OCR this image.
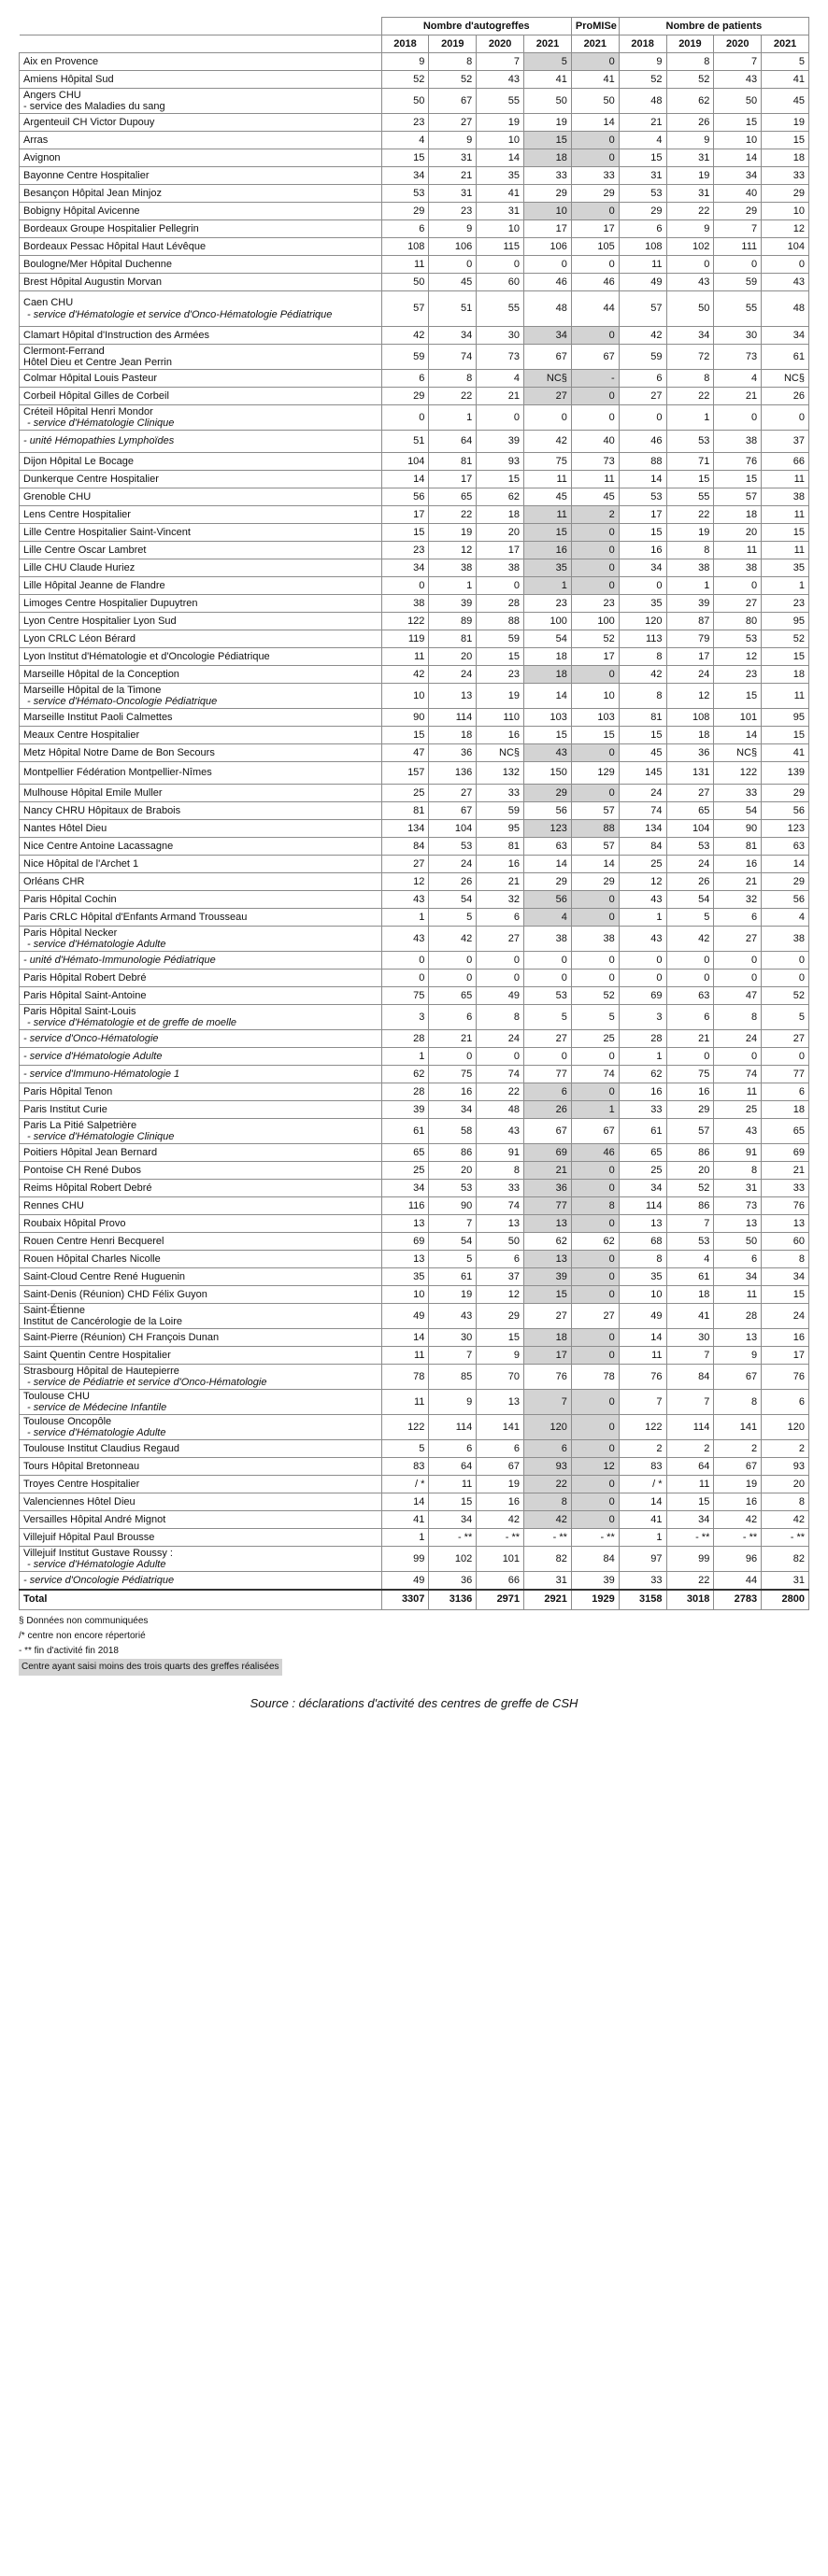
	Nombre d'autogreffes				ProMISe	Nombre de patients			
	2018	2019	2020	2021	2021	2018	2019	2020	2021
Aix en Provence	9	8	7	5	0	9	8	7	5
Amiens Hôpital Sud	52	52	43	41	41	52	52	43	41
Angers CHU
- service des Maladies du sang	50	67	55	50	50	48	62	50	45
Argenteuil CH Victor Dupouy	23	27	19	19	14	21	26	15	19
Arras	4	9	10	15	0	4	9	10	15
Avignon	15	31	14	18	0	15	31	14	18
Bayonne Centre Hospitalier	34	21	35	33	33	31	19	34	33
Besançon Hôpital Jean Minjoz	53	31	41	29	29	53	31	40	29
Bobigny Hôpital Avicenne	29	23	31	10	0	29	22	29	10
Bordeaux Groupe Hospitalier Pellegrin	6	9	10	17	17	6	9	7	12
Bordeaux Pessac Hôpital Haut Lévêque	108	106	115	106	105	108	102	111	104
Boulogne/Mer Hôpital Duchenne	11	0	0	0	0	11	0	0	0
Brest Hôpital Augustin Morvan	50	45	60	46	46	49	43	59	43
Caen CHU
- service d'Hématologie et service d'Onco-Hématologie Pédiatrique	57	51	55	48	44	57	50	55	48
Clamart Hôpital d'Instruction des Armées	42	34	30	34	0	42	34	30	34
Clermont-Ferrand
Hôtel Dieu et Centre Jean Perrin	59	74	73	67	67	59	72	73	61
Colmar Hôpital Louis Pasteur	6	8	4	NC§	-	6	8	4	NC§
Corbeil Hôpital Gilles de Corbeil	29	22	21	27	0	27	22	21	26
Créteil Hôpital Henri Mondor
- service d'Hématologie Clinique	0	1	0	0	0	0	1	0	0
- unité Hémopathies Lymphoïdes	51	64	39	42	40	46	53	38	37
Dijon Hôpital Le Bocage	104	81	93	75	73	88	71	76	66
Dunkerque Centre Hospitalier	14	17	15	11	11	14	15	15	11
Grenoble CHU	56	65	62	45	45	53	55	57	38
Lens Centre Hospitalier	17	22	18	11	2	17	22	18	11
Lille Centre Hospitalier Saint-Vincent	15	19	20	15	0	15	19	20	15
Lille Centre Oscar Lambret	23	12	17	16	0	16	8	11	11
Lille CHU Claude Huriez	34	38	38	35	0	34	38	38	35
Lille Hôpital Jeanne de Flandre	0	1	0	1	0	0	1	0	1
Limoges Centre Hospitalier Dupuytren	38	39	28	23	23	35	39	27	23
Lyon Centre Hospitalier Lyon Sud	122	89	88	100	100	120	87	80	95
Lyon CRLC Léon Bérard	119	81	59	54	52	113	79	53	52
Lyon Institut d'Hématologie et d'Oncologie Pédiatrique	11	20	15	18	17	8	17	12	15
Marseille Hôpital de la Conception	42	24	23	18	0	42	24	23	18
Marseille Hôpital de la Timone
- service d'Hémato-Oncologie Pédiatrique	10	13	19	14	10	8	12	15	11
Marseille Institut Paoli Calmettes	90	114	110	103	103	81	108	101	95
Meaux Centre Hospitalier	15	18	16	15	15	15	18	14	15
Metz Hôpital Notre Dame de Bon Secours	47	36	NC§	43	0	45	36	NC§	41
Montpellier Fédération Montpellier-Nîmes	157	136	132	150	129	145	131	122	139
Mulhouse Hôpital Emile Muller	25	27	33	29	0	24	27	33	29
Nancy CHRU Hôpitaux de Brabois	81	67	59	56	57	74	65	54	56
Nantes Hôtel Dieu	134	104	95	123	88	134	104	90	123
Nice Centre Antoine Lacassagne	84	53	81	63	57	84	53	81	63
Nice Hôpital de l'Archet 1	27	24	16	14	14	25	24	16	14
Orléans CHR	12	26	21	29	29	12	26	21	29
Paris Hôpital Cochin	43	54	32	56	0	43	54	32	56
Paris CRLC Hôpital d'Enfants Armand Trousseau	1	5	6	4	0	1	5	6	4
Paris Hôpital Necker
- service d'Hématologie Adulte	43	42	27	38	38	43	42	27	38
- unité d'Hémato-Immunologie Pédiatrique	0	0	0	0	0	0	0	0	0
Paris Hôpital Robert Debré	0	0	0	0	0	0	0	0	0
Paris Hôpital Saint-Antoine	75	65	49	53	52	69	63	47	52
Paris Hôpital Saint-Louis
- service d'Hématologie et de greffe de moelle	3	6	8	5	5	3	6	8	5
- service d'Onco-Hématologie	28	21	24	27	25	28	21	24	27
- service d'Hématologie Adulte	1	0	0	0	0	1	0	0	0
- service d'Immuno-Hématologie 1	62	75	74	77	74	62	75	74	77
Paris Hôpital Tenon	28	16	22	6	0	16	16	11	6
Paris Institut Curie	39	34	48	26	1	33	29	25	18
Paris La Pitié Salpetrière
- service d'Hématologie Clinique	61	58	43	67	67	61	57	43	65
Poitiers Hôpital Jean Bernard	65	86	91	69	46	65	86	91	69
Pontoise CH René Dubos	25	20	8	21	0	25	20	8	21
Reims Hôpital Robert Debré	34	53	33	36	0	34	52	31	33
Rennes CHU	116	90	74	77	8	114	86	73	76
Roubaix Hôpital Provo	13	7	13	13	0	13	7	13	13
Rouen Centre Henri Becquerel	69	54	50	62	62	68	53	50	60
Rouen Hôpital Charles Nicolle	13	5	6	13	0	8	4	6	8
Saint-Cloud Centre René Huguenin	35	61	37	39	0	35	61	34	34
Saint-Denis (Réunion) CHD Félix Guyon	10	19	12	15	0	10	18	11	15
Saint-Étienne
Institut de Cancérologie de la Loire	49	43	29	27	27	49	41	28	24
Saint-Pierre (Réunion) CH François Dunan	14	30	15	18	0	14	30	13	16
Saint Quentin Centre Hospitalier	11	7	9	17	0	11	7	9	17
Strasbourg Hôpital de Hautepierre
- service de Pédiatrie et service d'Onco-Hématologie	78	85	70	76	78	76	84	67	76
Toulouse CHU
- service de Médecine Infantile	11	9	13	7	0	7	7	8	6
Toulouse Oncopôle
- service d'Hématologie Adulte	122	114	141	120	0	122	114	141	120
Toulouse Institut Claudius Regaud	5	6	6	6	0	2	2	2	2
Tours Hôpital Bretonneau	83	64	67	93	12	83	64	67	93
Troyes Centre Hospitalier	/ *	11	19	22	0	/ *	11	19	20
Valenciennes Hôtel Dieu	14	15	16	8	0	14	15	16	8
Versailles Hôpital André Mignot	41	34	42	42	0	41	34	42	42
Villejuif Hôpital Paul Brousse	1	- **	- **	- **	- **	1	- **	- **	- **
Villejuif Institut Gustave Roussy :
- service d'Hématologie Adulte	99	102	101	82	84	97	99	96	82
- service d'Oncologie Pédiatrique	49	36	66	31	39	33	22	44	31
Total	3307	3136	2971	2921	1929	3158	3018	2783	2800
§ Données non communiquées
/* centre non encore répertorié
- ** fin d'activité fin 2018
Centre ayant saisi moins des trois quarts des greffes réalisées
Source : déclarations d'activité des centres de greffe de CSH
